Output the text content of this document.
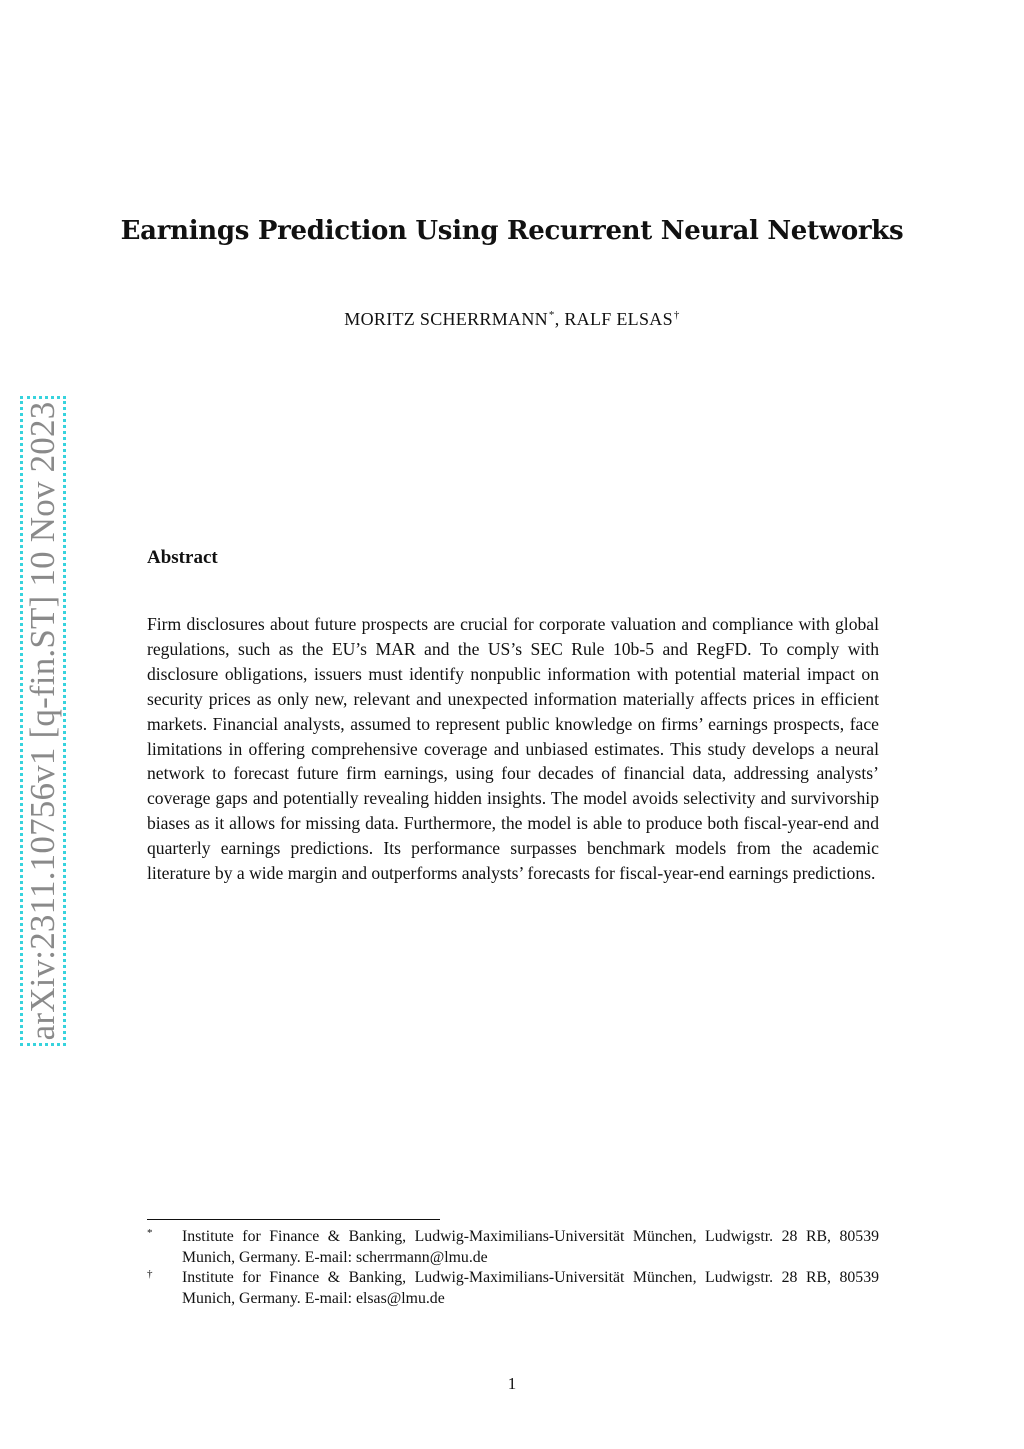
arXiv:2311.10756v1 [q-fin.ST] 10 Nov 2023
Earnings Prediction Using Recurrent Neural Networks
MORITZ SCHERRMANN*, RALF ELSAS†
Abstract
Firm disclosures about future prospects are crucial for corporate valuation and compliance with global regulations, such as the EU’s MAR and the US’s SEC Rule 10b-5 and RegFD. To comply with disclosure obligations, issuers must identify nonpublic information with potential material impact on security prices as only new, relevant and unexpected information materially affects prices in efficient markets. Financial analysts, assumed to represent public knowledge on firms’ earnings prospects, face limitations in offering comprehensive coverage and unbiased estimates. This study develops a neural network to forecast future firm earnings, using four decades of financial data, addressing analysts’ coverage gaps and potentially revealing hidden insights. The model avoids selectivity and survivorship biases as it allows for missing data. Furthermore, the model is able to produce both fiscal-year-end and quarterly earnings predictions. Its performance surpasses benchmark models from the academic literature by a wide margin and outperforms analysts’ forecasts for fiscal-year-end earnings predictions.
* Institute for Finance & Banking, Ludwig-Maximilians-Universität München, Ludwigstr. 28 RB, 80539 Munich, Germany. E-mail: scherrmann@lmu.de
† Institute for Finance & Banking, Ludwig-Maximilians-Universität München, Ludwigstr. 28 RB, 80539 Munich, Germany. E-mail: elsas@lmu.de
1
